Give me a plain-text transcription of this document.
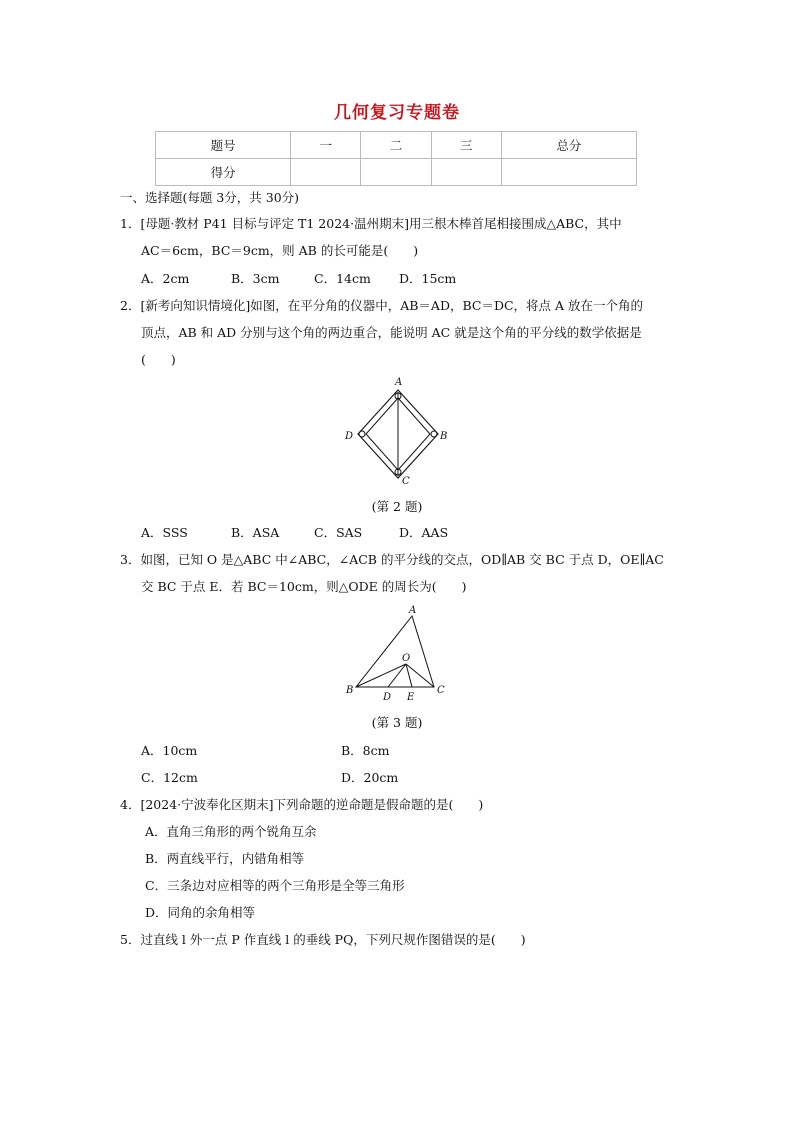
几何复习专题卷
题号	一	二	三	总分
得分				
一、选择题(每题 3分，共 30分)
1．[母题·教材 P41 目标与评定 T1 2024·温州期末]用三根木棒首尾相接围成△ABC，其中
AC＝6cm，BC＝9cm，则 AB 的长可能是(　　)
A．2cm	B．3cm	C．14cm D．15cm
2．[新考向知识情境化]如图，在平分角的仪器中，AB＝AD，BC＝DC，将点 A 放在一个角的
顶点，AB 和 AD 分别与这个角的两边重合，能说明 AC 就是这个角的平分线的数学依据是
(　　)
A
B
C
D
(第 2 题)
A．SSS	B．ASA	C．SAS	D．AAS
3．如图，已知 O 是△ABC 中∠ABC，∠ACB 的平分线的交点，OD∥AB 交 BC 于点 D，OE∥AC
交 BC 于点 E．若 BC＝10cm，则△ODE 的周长为(　　)
A
O
B
D E
C
(第 3 题)
A．10cm	B．8cm
C．12cm	D．20cm
4．[2024·宁波奉化区期末]下列命题的逆命题是假命题的是(　　)
A．直角三角形的两个锐角互余
B．两直线平行，内错角相等
C．三条边对应相等的两个三角形是全等三角形
D．同角的余角相等
5．过直线 l 外一点 P 作直线 l 的垂线 PQ，下列尺规作图错误的是(　　)
